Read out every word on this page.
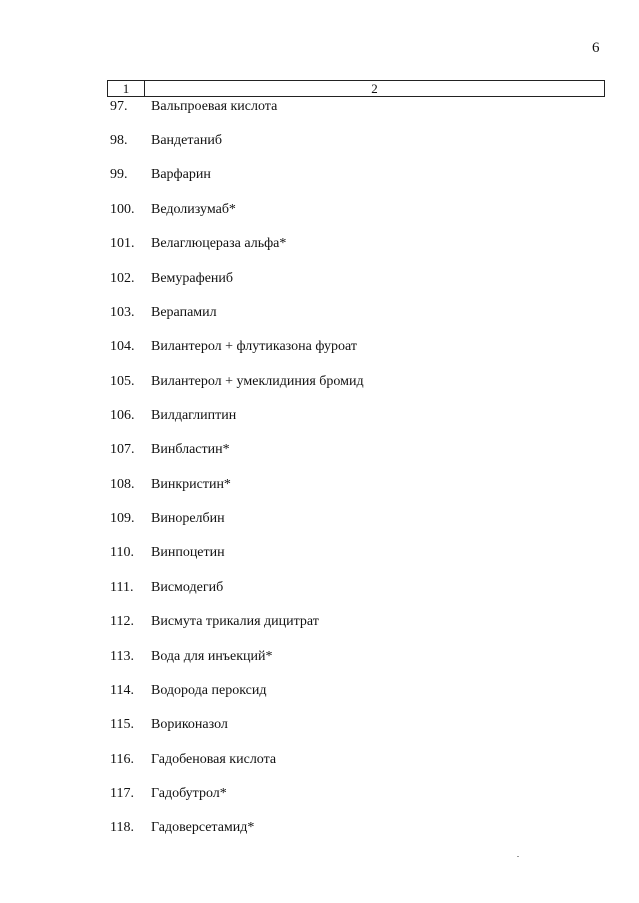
6
1	2
97. Вальпроевая кислота
98. Вандетаниб
99. Варфарин
100. Ведолизумаб*
101. Велаглюцераза альфа*
102. Вемурафениб
103. Верапамил
104. Вилантерол + флутиказона фуроат
105. Вилантерол + умеклидиния бромид
106. Вилдаглиптин
107. Винбластин*
108. Винкристин*
109. Винорелбин
110. Винпоцетин
111. Висмодегиб
112. Висмута трикалия дицитрат
113. Вода для инъекций*
114. Водорода пероксид
115. Вориконазол
116. Гадобеновая кислота
117. Гадобутрол*
118. Гадоверсетамид*
